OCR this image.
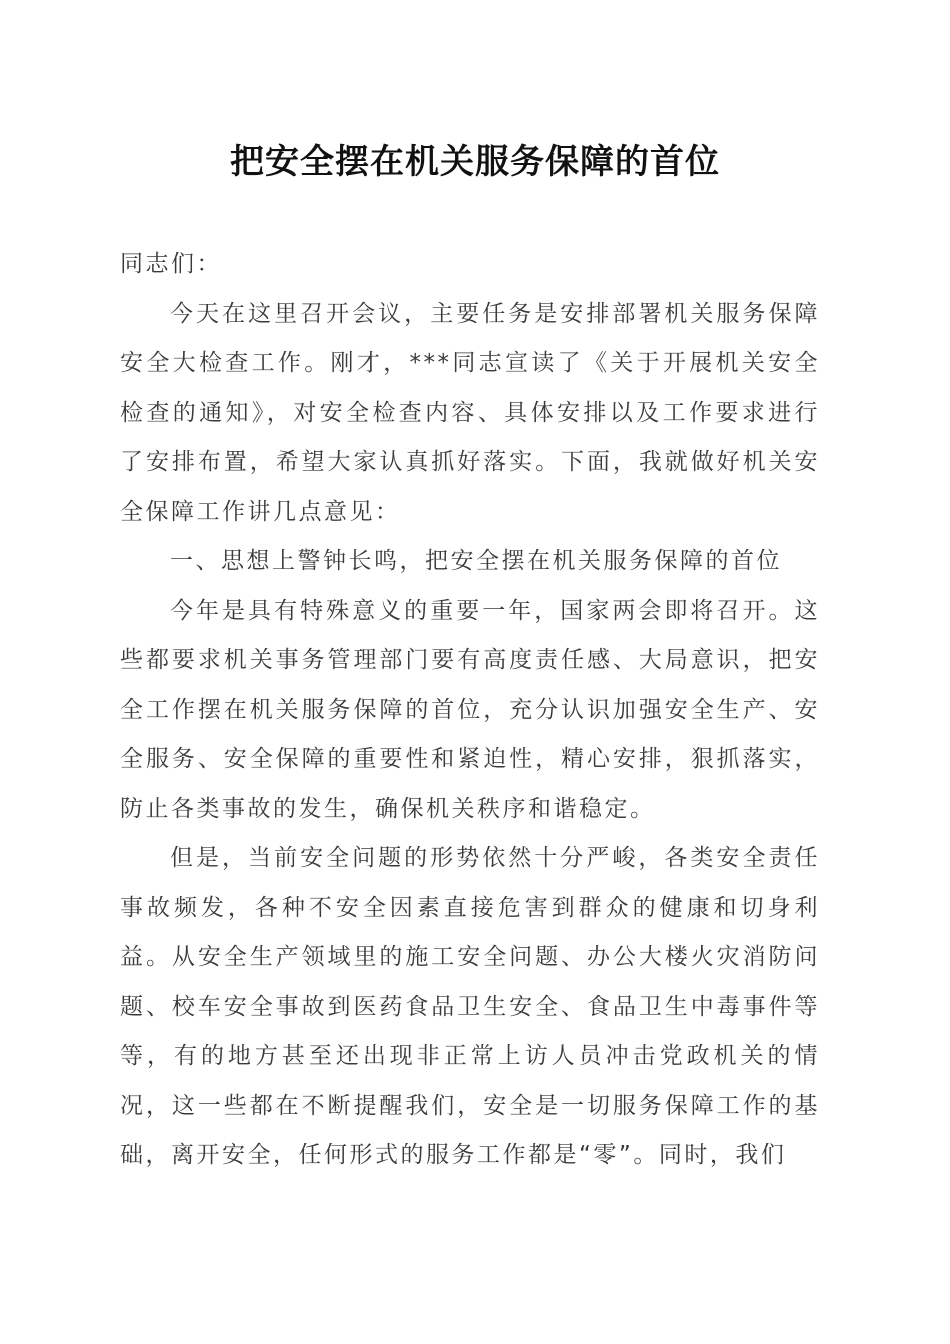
把安全摆在机关服务保障的首位

同志们：

今天在这里召开会议，主要任务是安排部署机关服务保障安全大检查工作。刚才，***同志宣读了《关于开展机关安全检查的通知》，对安全检查内容、具体安排以及工作要求进行了安排布置，希望大家认真抓好落实。下面，我就做好机关安全保障工作讲几点意见：

一、思想上警钟长鸣，把安全摆在机关服务保障的首位

今年是具有特殊意义的重要一年，国家两会即将召开。这些都要求机关事务管理部门要有高度责任感、大局意识，把安全工作摆在机关服务保障的首位，充分认识加强安全生产、安全服务、安全保障的重要性和紧迫性，精心安排，狠抓落实，防止各类事故的发生，确保机关秩序和谐稳定。

但是，当前安全问题的形势依然十分严峻，各类安全责任事故频发，各种不安全因素直接危害到群众的健康和切身利益。从安全生产领域里的施工安全问题、办公大楼火灾消防问题、校车安全事故到医药食品卫生安全、食品卫生中毒事件等等，有的地方甚至还出现非正常上访人员冲击党政机关的情况，这一些都在不断提醒我们，安全是一切服务保障工作的基础，离开安全，任何形式的服务工作都是“零”。同时，我们
